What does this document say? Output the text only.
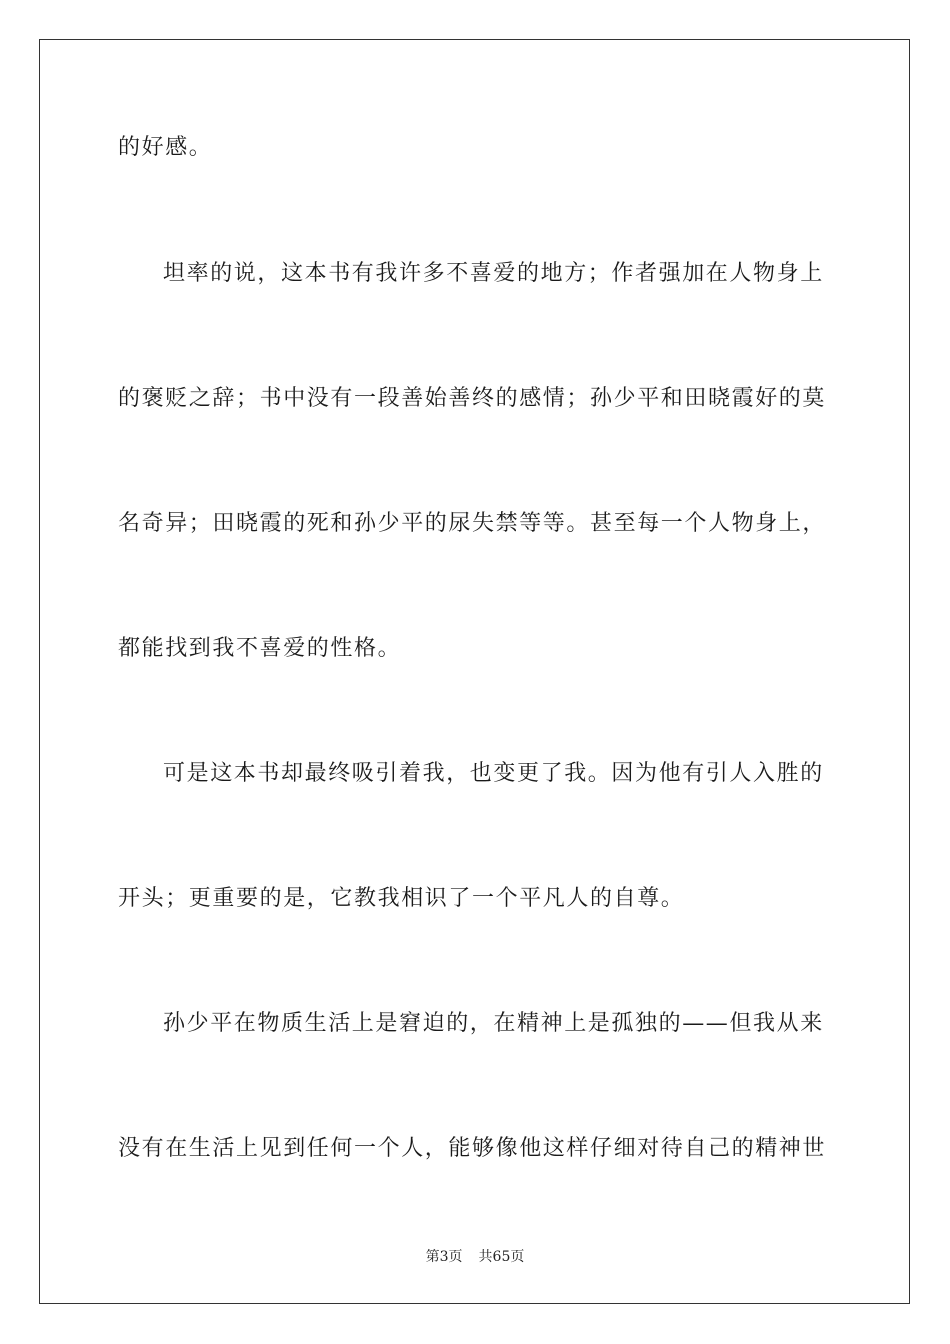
的好感。
坦率的说，这本书有我许多不喜爱的地方；作者强加在人物身上
的褒贬之辞；书中没有一段善始善终的感情；孙少平和田晓霞好的莫
名奇异；田晓霞的死和孙少平的尿失禁等等。甚至每一个人物身上，
都能找到我不喜爱的性格。
可是这本书却最终吸引着我，也变更了我。因为他有引人入胜的
开头；更重要的是，它教我相识了一个平凡人的自尊。
孙少平在物质生活上是窘迫的，在精神上是孤独的——但我从来
没有在生活上见到任何一个人，能够像他这样仔细对待自己的精神世
第3页 共65页
